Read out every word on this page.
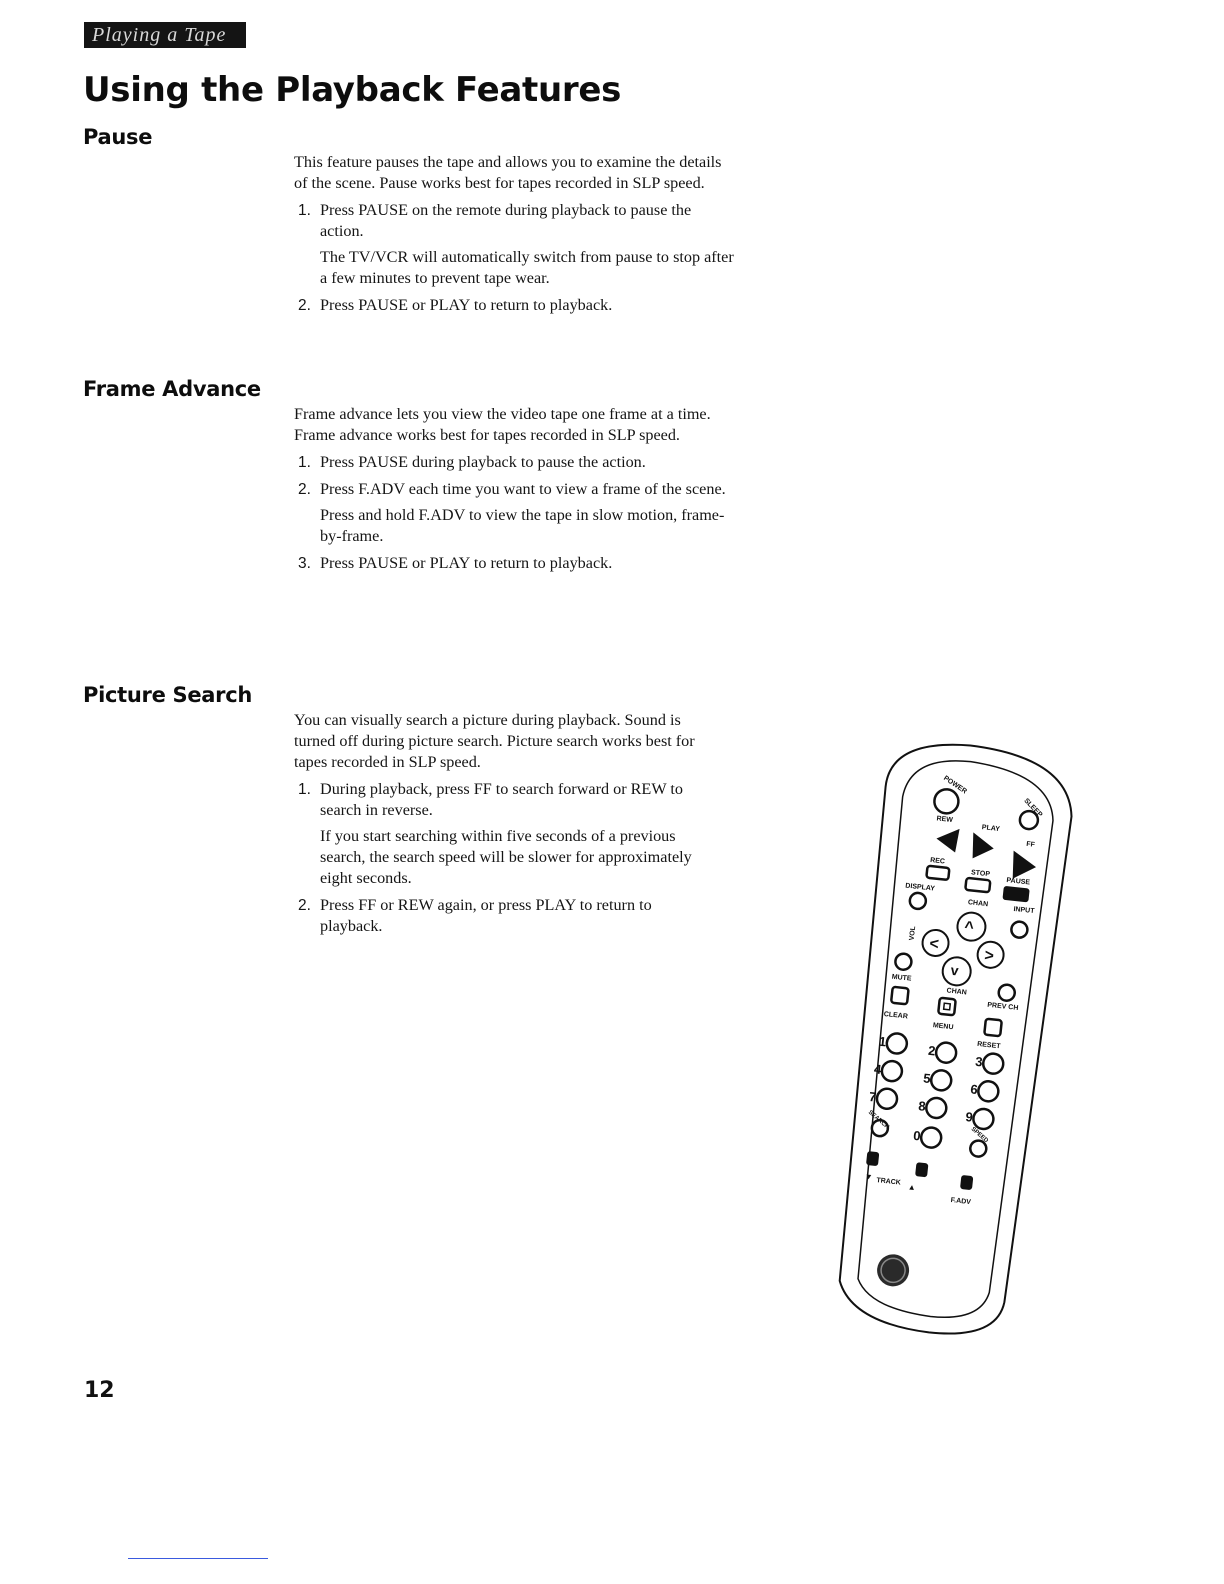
Playing a Tape
Using the Playback Features
Pause

This feature pauses the tape and allows you to examine the details of the scene. Pause works best for tapes recorded in SLP speed.

1. Press PAUSE on the remote during playback to pause the action.

The TV/VCR will automatically switch from pause to stop after a few minutes to prevent tape wear.

2. Press PAUSE or PLAY to return to playback.
Frame Advance

Frame advance lets you view the video tape one frame at a time. Frame advance works best for tapes recorded in SLP speed.

1. Press PAUSE during playback to pause the action.
2. Press F.ADV each time you want to view a frame of the scene.

Press and hold F.ADV to view the tape in slow motion, frame-by-frame.

3. Press PAUSE or PLAY to return to playback.
Picture Search

You can visually search a picture during playback. Sound is turned off during picture search. Picture search works best for tapes recorded in SLP speed.

1. During playback, press FF to search forward or REW to search in reverse.

If you start searching within five seconds of a previous search, the search speed will be slower for approximately eight seconds.

2. Press FF or REW again, or press PLAY to return to playback.
POWER
SLEEP
REW
PLAY
FF
REC
STOP
PAUSE
DISPLAY
CHAN
^
INPUT
VOL
<
>
MUTE	v
CHAN
PREV CH
CLEAR
MENU
RESET
1
2
3
4
5
6
7
8
9
SEARCH
0	SPEED
▼
TRACK
▲
F.ADV
12
